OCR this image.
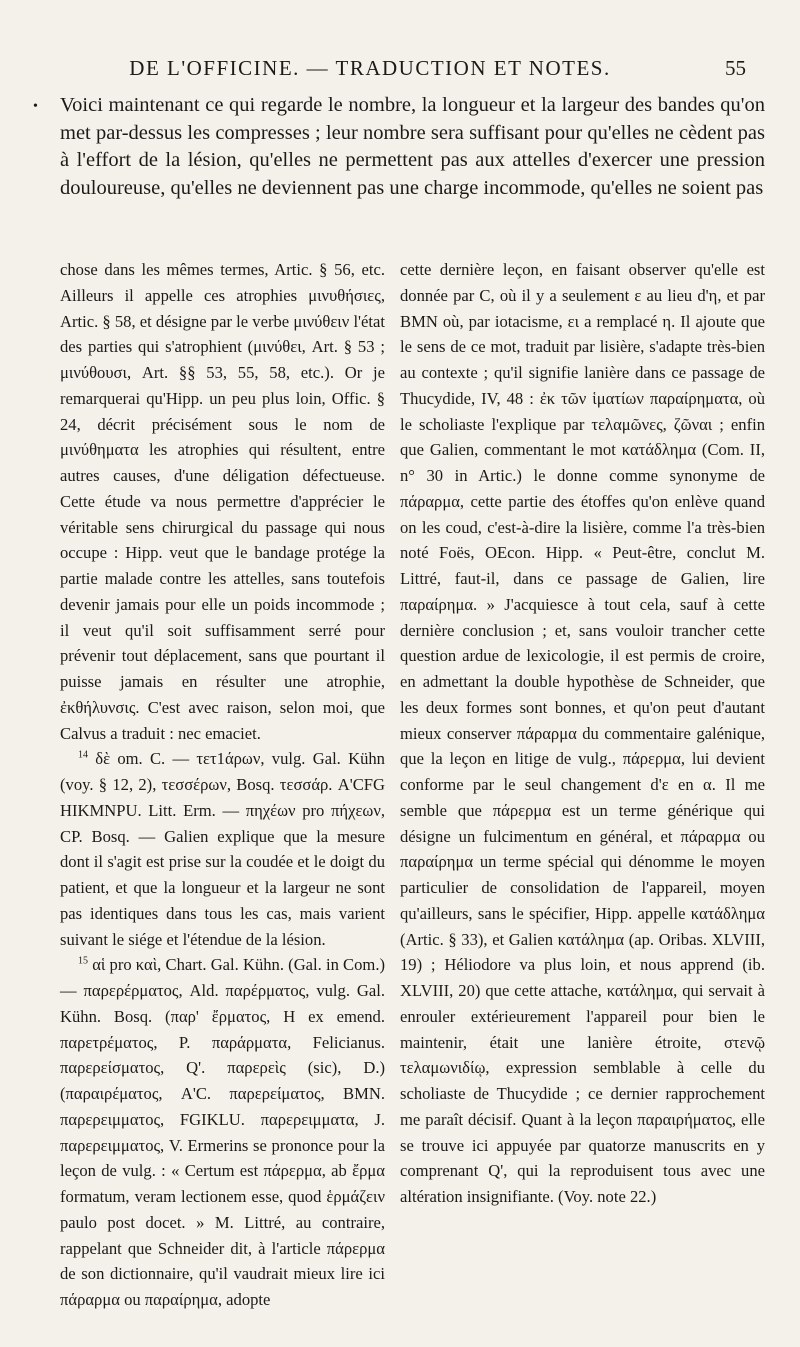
DE L'OFFICINE. — TRADUCTION ET NOTES.	55
• Voici maintenant ce qui regarde le nombre, la longueur et la largeur des bandes qu'on met par-dessus les compresses ; leur nombre sera suffisant pour qu'elles ne cèdent pas à l'effort de la lésion, qu'elles ne permettent pas aux attelles d'exercer une pression douloureuse, qu'elles ne deviennent pas une charge incommode, qu'elles ne soient pas

chose dans les mêmes termes, Artic. § 56, etc. Ailleurs il appelle ces atrophies μινυθήσιες, Artic. § 58, et désigne par le verbe μινύθειν l'état des parties qui s'atrophient (μινύθει, Art. § 53 ; μινύθουσι, Art. §§ 53, 55, 58, etc.). Or je remarquerai qu'Hipp. un peu plus loin, Offic. § 24, décrit précisément sous le nom de μινύθηματα les atrophies qui résultent, entre autres causes, d'une déligation défectueuse. Cette étude va nous permettre d'apprécier le véritable sens chirurgical du passage qui nous occupe : Hipp. veut que le bandage protége la partie malade contre les attelles, sans toutefois devenir jamais pour elle un poids incommode ; il veut qu'il soit suffisamment serré pour prévenir tout déplacement, sans que pourtant il puisse jamais en résulter une atrophie, ἐκθήλυνσις. C'est avec raison, selon moi, que Calvus a traduit : nec emaciet.

$^{14}$ δὲ om. C. — τετ1άρων, vulg. Gal. Kühn (voy. § 12, 2), τεσσέρων, Bosq. τεσσάρ. A'CFG HIKMNPU. Litt. Erm. — πηχέων pro πήχεων, CP. Bosq. — Galien explique que la mesure dont il s'agit est prise sur la coudée et le doigt du patient, et que la longueur et la largeur ne sont pas identiques dans tous les cas, mais varient suivant le siége et l'étendue de la lésion.

$^{15}$ αἱ pro καὶ, Chart. Gal. Kühn. (Gal. in Com.) — παρερέρματος, Ald. παρέρματος, vulg. Gal. Kühn. Bosq. (παρ' ἔρματος, H ex emend. παρετρέματος, P. παράρματα, Felicianus. παρερείσματος, Q'. παρερεὶς (sic), D.) (παραιρέματος, A'C. παρερείματος, BMN. παρερειμματος, FGIKLU. παρερειμματα, J. παρερειμματος, V. Ermerins se prononce pour la leçon de vulg. : « Certum est πάρερμα, ab ἔρμα formatum, veram lectionem esse, quod ἑρμάζειν paulo post docet. » M. Littré, au contraire, rappelant que Schneider dit, à l'article πάρερμα de son dictionnaire, qu'il vaudrait mieux lire ici πάραρμα ou παραίρημα, adopte

cette dernière leçon, en faisant observer qu'elle est donnée par C, où il y a seulement ε au lieu d'η, et par BMN où, par iotacisme, ει a remplacé η. Il ajoute que le sens de ce mot, traduit par lisière, s'adapte très-bien au contexte ; qu'il signifie lanière dans ce passage de Thucydide, IV, 48 : ἐκ τῶν ἱματίων παραίρηματα, où le scholiaste l'explique par τελαμῶνες, ζῶναι ; enfin que Galien, commentant le mot κατάδλημα (Com. II, n° 30 in Artic.) le donne comme synonyme de πάραρμα, cette partie des étoffes qu'on enlève quand on les coud, c'est-à-dire la lisière, comme l'a très-bien noté Foës, OEcon. Hipp. « Peut-être, conclut M. Littré, faut-il, dans ce passage de Galien, lire παραίρημα. » J'acquiesce à tout cela, sauf à cette dernière conclusion ; et, sans vouloir trancher cette question ardue de lexicologie, il est permis de croire, en admettant la double hypothèse de Schneider, que les deux formes sont bonnes, et qu'on peut d'autant mieux conserver πάραρμα du commentaire galénique, que la leçon en litige de vulg., πάρερμα, lui devient conforme par le seul changement d'ε en α. Il me semble que πάρερμα est un terme générique qui désigne un fulcimentum en général, et πάραρμα ou παραίρημα un terme spécial qui dénomme le moyen particulier de consolidation de l'appareil, moyen qu'ailleurs, sans le spécifier, Hipp. appelle κατάδλημα (Artic. § 33), et Galien κατάλημα (ap. Oribas. XLVIII, 19) ; Héliodore va plus loin, et nous apprend (ib. XLVIII, 20) que cette attache, κατάλημα, qui servait à enrouler extérieurement l'appareil pour bien le maintenir, était une lanière étroite, στενῷ τελαμωνιδίῳ, expression semblable à celle du scholiaste de Thucydide ; ce dernier rapprochement me paraît décisif. Quant à la leçon παραιρήματος, elle se trouve ici appuyée par quatorze manuscrits en y comprenant Q', qui la reproduisent tous avec une altération insignifiante. (Voy. note 22.)
